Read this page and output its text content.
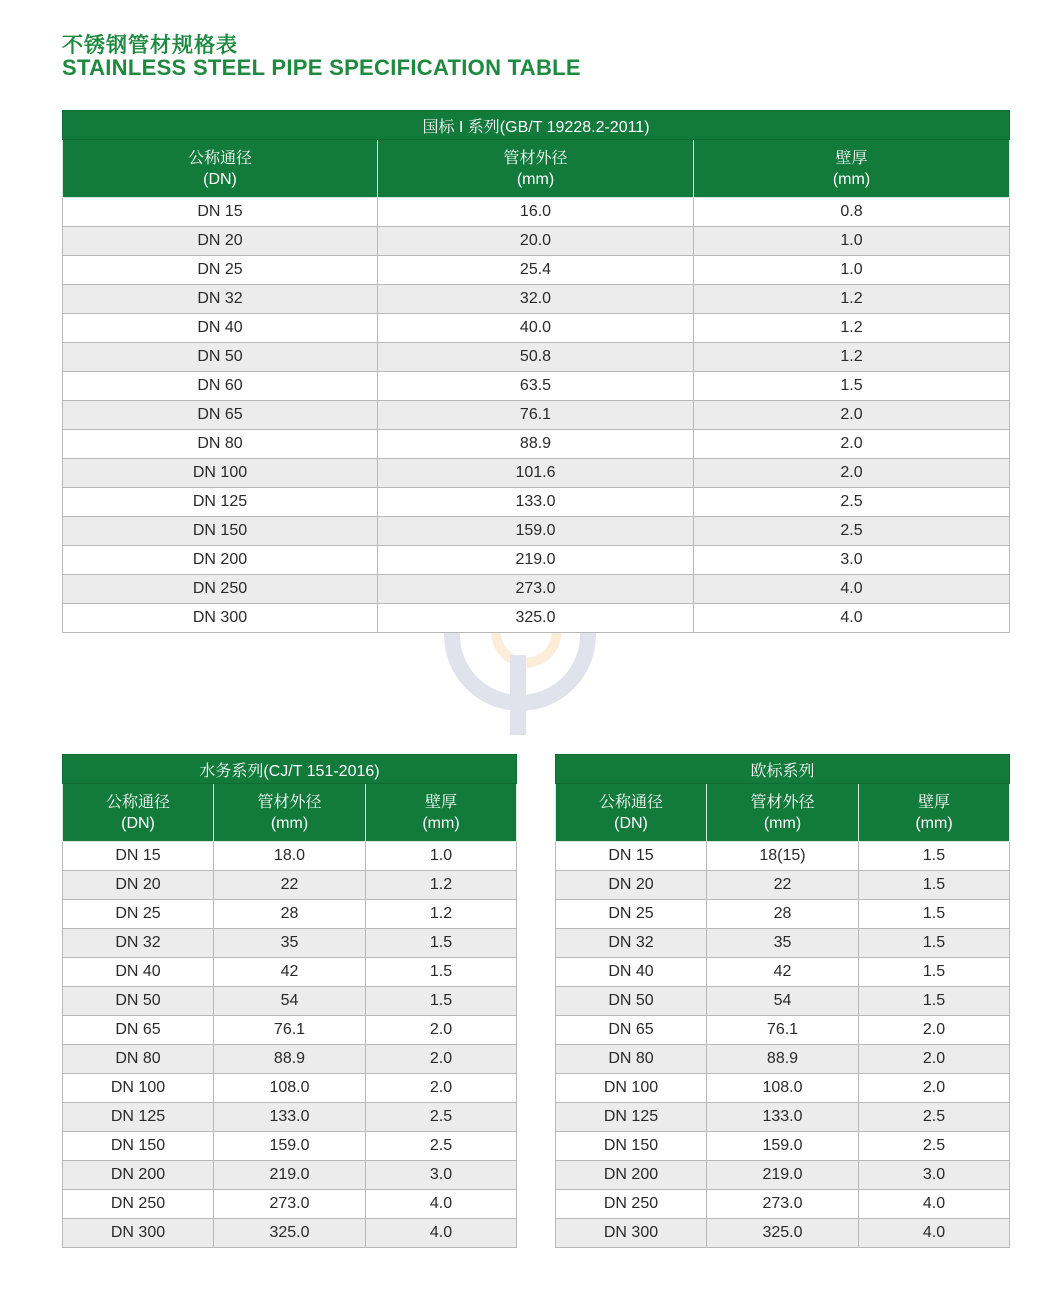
不锈钢管材规格表
STAINLESS STEEL PIPE SPECIFICATION TABLE
国标 I 系列(GB/T 19228.2-2011)		

公称通径
(DN)	管材外径
(mm)	壁厚
(mm)

DN 15	16.0	0.8
DN 20	20.0	1.0
DN 25	25.4	1.0
DN 32	32.0	1.2
DN 40	40.0	1.2
DN 50	50.8	1.2
DN 60	63.5	1.5
DN 65	76.1	2.0
DN 80	88.9	2.0
DN 100	101.6	2.0
DN 125	133.0	2.5
DN 150	159.0	2.5
DN 200	219.0	3.0
DN 250	273.0	4.0
DN 300	325.0	4.0
水务系列(CJ/T 151-2016)		

公称通径
(DN)	管材外径
(mm)	壁厚
(mm)

DN 15	18.0	1.0
DN 20	22	1.2
DN 25	28	1.2
DN 32	35	1.5
DN 40	42	1.5
DN 50	54	1.5
DN 65	76.1	2.0
DN 80	88.9	2.0
DN 100	108.0	2.0
DN 125	133.0	2.5
DN 150	159.0	2.5
DN 200	219.0	3.0
DN 250	273.0	4.0
DN 300	325.0	4.0
欧标系列		

公称通径
(DN)	管材外径
(mm)	壁厚
(mm)

DN 15	18(15)	1.5
DN 20	22	1.5
DN 25	28	1.5
DN 32	35	1.5
DN 40	42	1.5
DN 50	54	1.5
DN 65	76.1	2.0
DN 80	88.9	2.0
DN 100	108.0	2.0
DN 125	133.0	2.5
DN 150	159.0	2.5
DN 200	219.0	3.0
DN 250	273.0	4.0
DN 300	325.0	4.0
